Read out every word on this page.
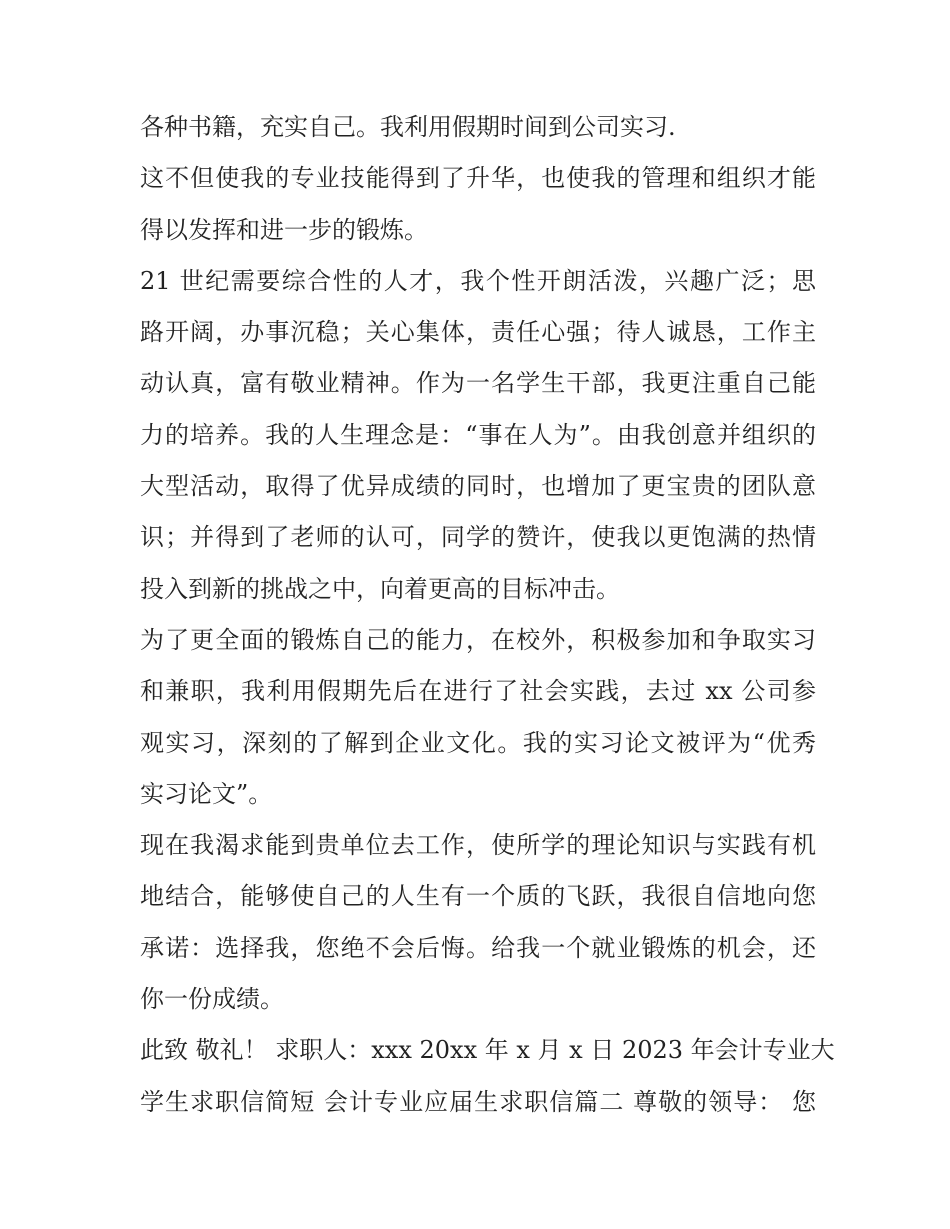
各种书籍，充实自己。我利用假期时间到公司实习.
这不但使我的专业技能得到了升华，也使我的管理和组织才能
得以发挥和进一步的锻炼。
21 世纪需要综合性的人才，我个性开朗活泼，兴趣广泛；思
路开阔，办事沉稳；关心集体，责任心强；待人诚恳，工作主
动认真，富有敬业精神。作为一名学生干部，我更注重自己能
力的培养。我的人生理念是：“事在人为”。由我创意并组织的
大型活动，取得了优异成绩的同时，也增加了更宝贵的团队意
识；并得到了老师的认可，同学的赞许，使我以更饱满的热情
投入到新的挑战之中，向着更高的目标冲击。
为了更全面的锻炼自己的能力，在校外，积极参加和争取实习
和兼职，我利用假期先后在进行了社会实践，去过 xx 公司参
观实习，深刻的了解到企业文化。我的实习论文被评为“优秀
实习论文”。
现在我渴求能到贵单位去工作，使所学的理论知识与实践有机
地结合，能够使自己的人生有一个质的飞跃，我很自信地向您
承诺：选择我，您绝不会后悔。给我一个就业锻炼的机会，还
你一份成绩。
此致 敬礼！ 求职人：xxx 20xx 年 x 月 x 日 2023 年会计专业大
学生求职信简短 会计专业应届生求职信篇二 尊敬的领导： 您
